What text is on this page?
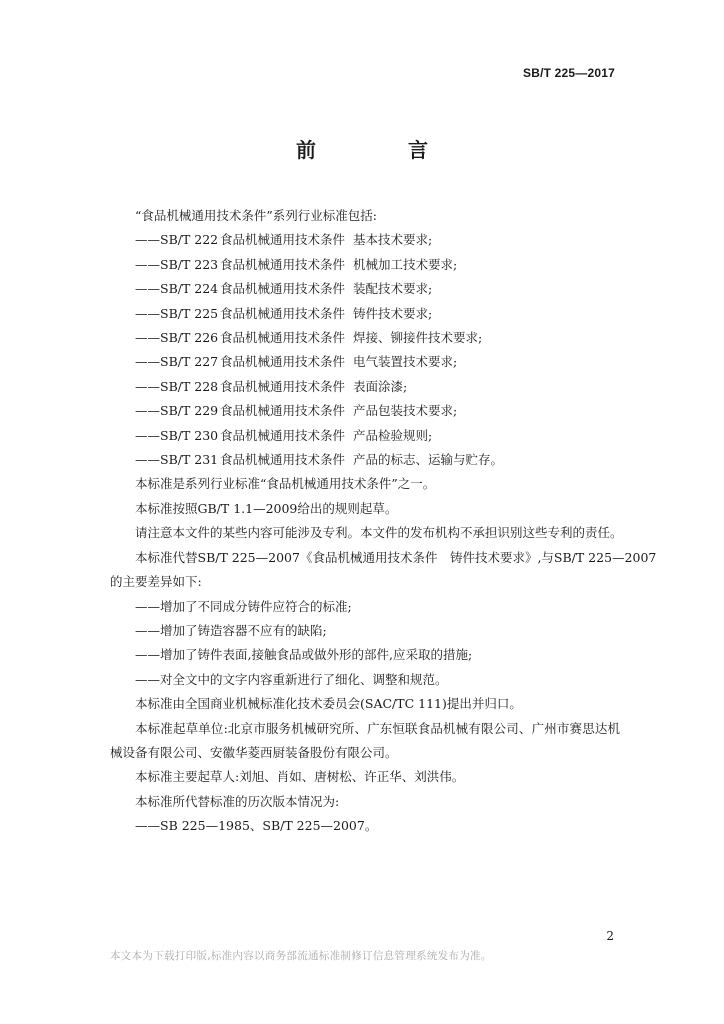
SB/T 225—2017
前　言

“食品机械通用技术条件”系列行业标准包括:

——SB/T 222 食品机械通用技术条件 基本技术要求;

——SB/T 223 食品机械通用技术条件 机械加工技术要求;

——SB/T 224 食品机械通用技术条件 装配技术要求;

——SB/T 225 食品机械通用技术条件 铸件技术要求;

——SB/T 226 食品机械通用技术条件 焊接、铆接件技术要求;

——SB/T 227 食品机械通用技术条件 电气装置技术要求;

——SB/T 228 食品机械通用技术条件 表面涂漆;

——SB/T 229 食品机械通用技术条件 产品包装技术要求;

——SB/T 230 食品机械通用技术条件 产品检验规则;

——SB/T 231 食品机械通用技术条件 产品的标志、运输与贮存。

本标准是系列行业标准“食品机械通用技术条件”之一。

本标准按照GB/T 1.1—2009给出的规则起草。

请注意本文件的某些内容可能涉及专利。本文件的发布机构不承担识别这些专利的责任。

本标准代替SB/T 225—2007《食品机械通用技术条件　铸件技术要求》,与SB/T 225—2007

的主要差异如下:

——增加了不同成分铸件应符合的标准;

——增加了铸造容器不应有的缺陷;

——增加了铸件表面,接触食品或做外形的部件,应采取的措施;

——对全文中的文字内容重新进行了细化、调整和规范。

本标准由全国商业机械标准化技术委员会(SAC/TC 111)提出并归口。

本标准起草单位:北京市服务机械研究所、广东恒联食品机械有限公司、广州市赛思达机械设备有限公司、安徽华菱西厨装备股份有限公司。

本标准主要起草人:刘旭、肖如、唐树松、许正华、刘洪伟。

本标准所代替标准的历次版本情况为:

——SB 225—1985、SB/T 225—2007。

2
本文本为下载打印版,标准内容以商务部流通标准制修订信息管理系统发布为准。
